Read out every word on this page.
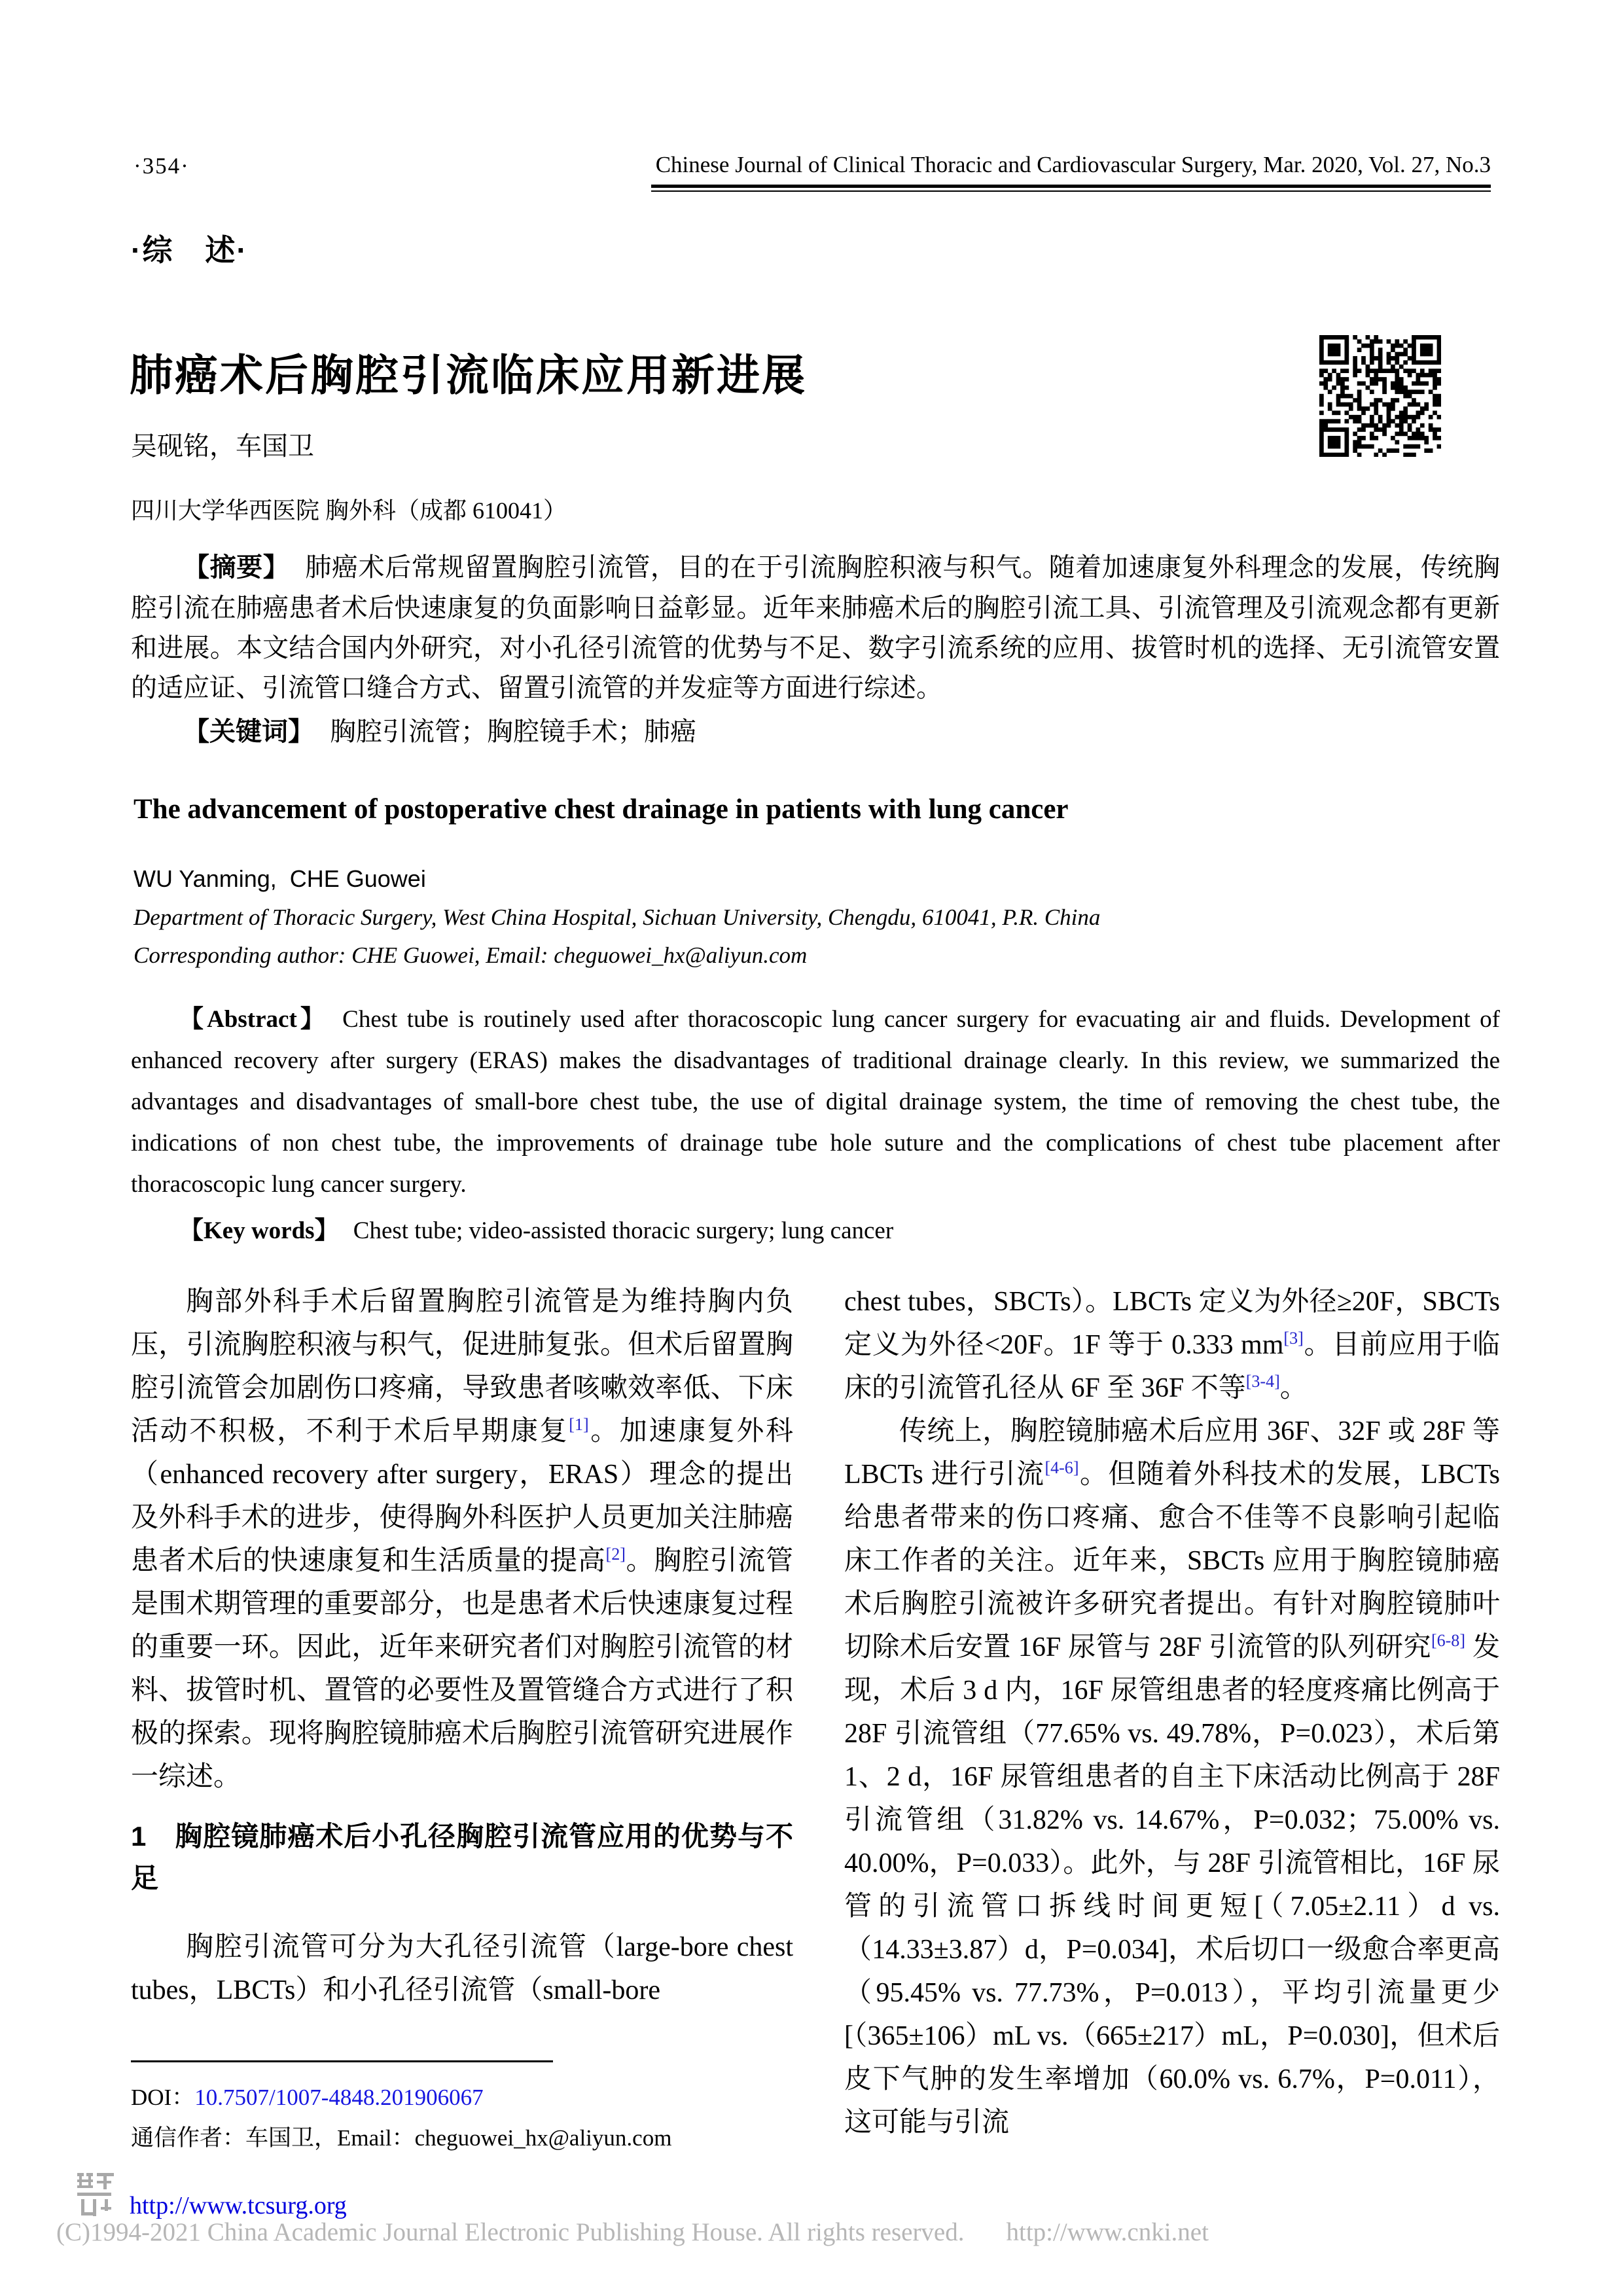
·354·	Chinese Journal of Clinical Thoracic and Cardiovascular Surgery, Mar. 2020, Vol. 27, No.3
·综　述·
肺癌术后胸腔引流临床应用新进展
吴砚铭，车国卫
四川大学华西医院 胸外科（成都 610041）

【摘要】 肺癌术后常规留置胸腔引流管，目的在于引流胸腔积液与积气。随着加速康复外科理念的发展，传统胸腔引流在肺癌患者术后快速康复的负面影响日益彰显。近年来肺癌术后的胸腔引流工具、引流管理及引流观念都有更新和进展。本文结合国内外研究，对小孔径引流管的优势与不足、数字引流系统的应用、拔管时机的选择、无引流管安置的适应证、引流管口缝合方式、留置引流管的并发症等方面进行综述。

【关键词】 胸腔引流管；胸腔镜手术；肺癌

The advancement of postoperative chest drainage in patients with lung cancer
WU Yanming,  CHE Guowei
Department of Thoracic Surgery, West China Hospital, Sichuan University, Chengdu, 610041, P.R. China
Corresponding author: CHE Guowei, Email: cheguowei_hx@aliyun.com

【Abstract】 Chest tube is routinely used after thoracoscopic lung cancer surgery for evacuating air and fluids. Development of enhanced recovery after surgery (ERAS) makes the disadvantages of traditional drainage clearly. In this review, we summarized the advantages and disadvantages of small-bore chest tube, the use of digital drainage system, the time of removing the chest tube, the indications of non chest tube, the improvements of drainage tube hole suture and the complications of chest tube placement after thoracoscopic lung cancer surgery.

【Key words】 Chest tube; video-assisted thoracic surgery; lung cancer

胸部外科手术后留置胸腔引流管是为维持胸内负压，引流胸腔积液与积气，促进肺复张。但术后留置胸腔引流管会加剧伤口疼痛，导致患者咳嗽效率低、下床活动不积极，不利于术后早期康复[1]。加速康复外科（enhanced recovery after surgery，ERAS）理念的提出及外科手术的进步，使得胸外科医护人员更加关注肺癌患者术后的快速康复和生活质量的提高[2]。胸腔引流管是围术期管理的重要部分，也是患者术后快速康复过程的重要一环。因此，近年来研究者们对胸腔引流管的材料、拔管时机、置管的必要性及置管缝合方式进行了积极的探索。现将胸腔镜肺癌术后胸腔引流管研究进展作一综述。

1　胸腔镜肺癌术后小孔径胸腔引流管应用的优势与不足

胸腔引流管可分为大孔径引流管（large-bore chest tubes，LBCTs）和小孔径引流管（small-bore

chest tubes，SBCTs）。LBCTs 定义为外径≥20F，SBCTs 定义为外径<20F。1F 等于 0.333 mm[3]。目前应用于临床的引流管孔径从 6F 至 36F 不等[3-4]。

传统上，胸腔镜肺癌术后应用 36F、32F 或 28F 等 LBCTs 进行引流[4-6]。但随着外科技术的发展，LBCTs 给患者带来的伤口疼痛、愈合不佳等不良影响引起临床工作者的关注。近年来，SBCTs 应用于胸腔镜肺癌术后胸腔引流被许多研究者提出。有针对胸腔镜肺叶切除术后安置 16F 尿管与 28F 引流管的队列研究[6-8] 发现，术后 3 d 内，16F 尿管组患者的轻度疼痛比例高于 28F 引流管组（77.65% vs. 49.78%，P=0.023），术后第 1、2 d，16F 尿管组患者的自主下床活动比例高于 28F 引流管组（31.82% vs. 14.67%，P=0.032；75.00% vs. 40.00%，P=0.033）。此外，与 28F 引流管相比，16F 尿管的引流管口拆线时间更短[（7.05±2.11）d vs.（14.33±3.87）d，P=0.034]，术后切口一级愈合率更高（95.45% vs. 77.73%，P=0.013），平均引流量更少[（365±106）mL vs.（665±217）mL，P=0.030]，但术后皮下气肿的发生率增加（60.0% vs. 6.7%，P=0.011），这可能与引流

DOI：10.7507/1007-4848.201906067
通信作者：车国卫，Email：cheguowei_hx@aliyun.com
http://www.tcsurg.org
(C)1994-2021 China Academic Journal Electronic Publishing House. All rights reserved. http://www.cnki.net
